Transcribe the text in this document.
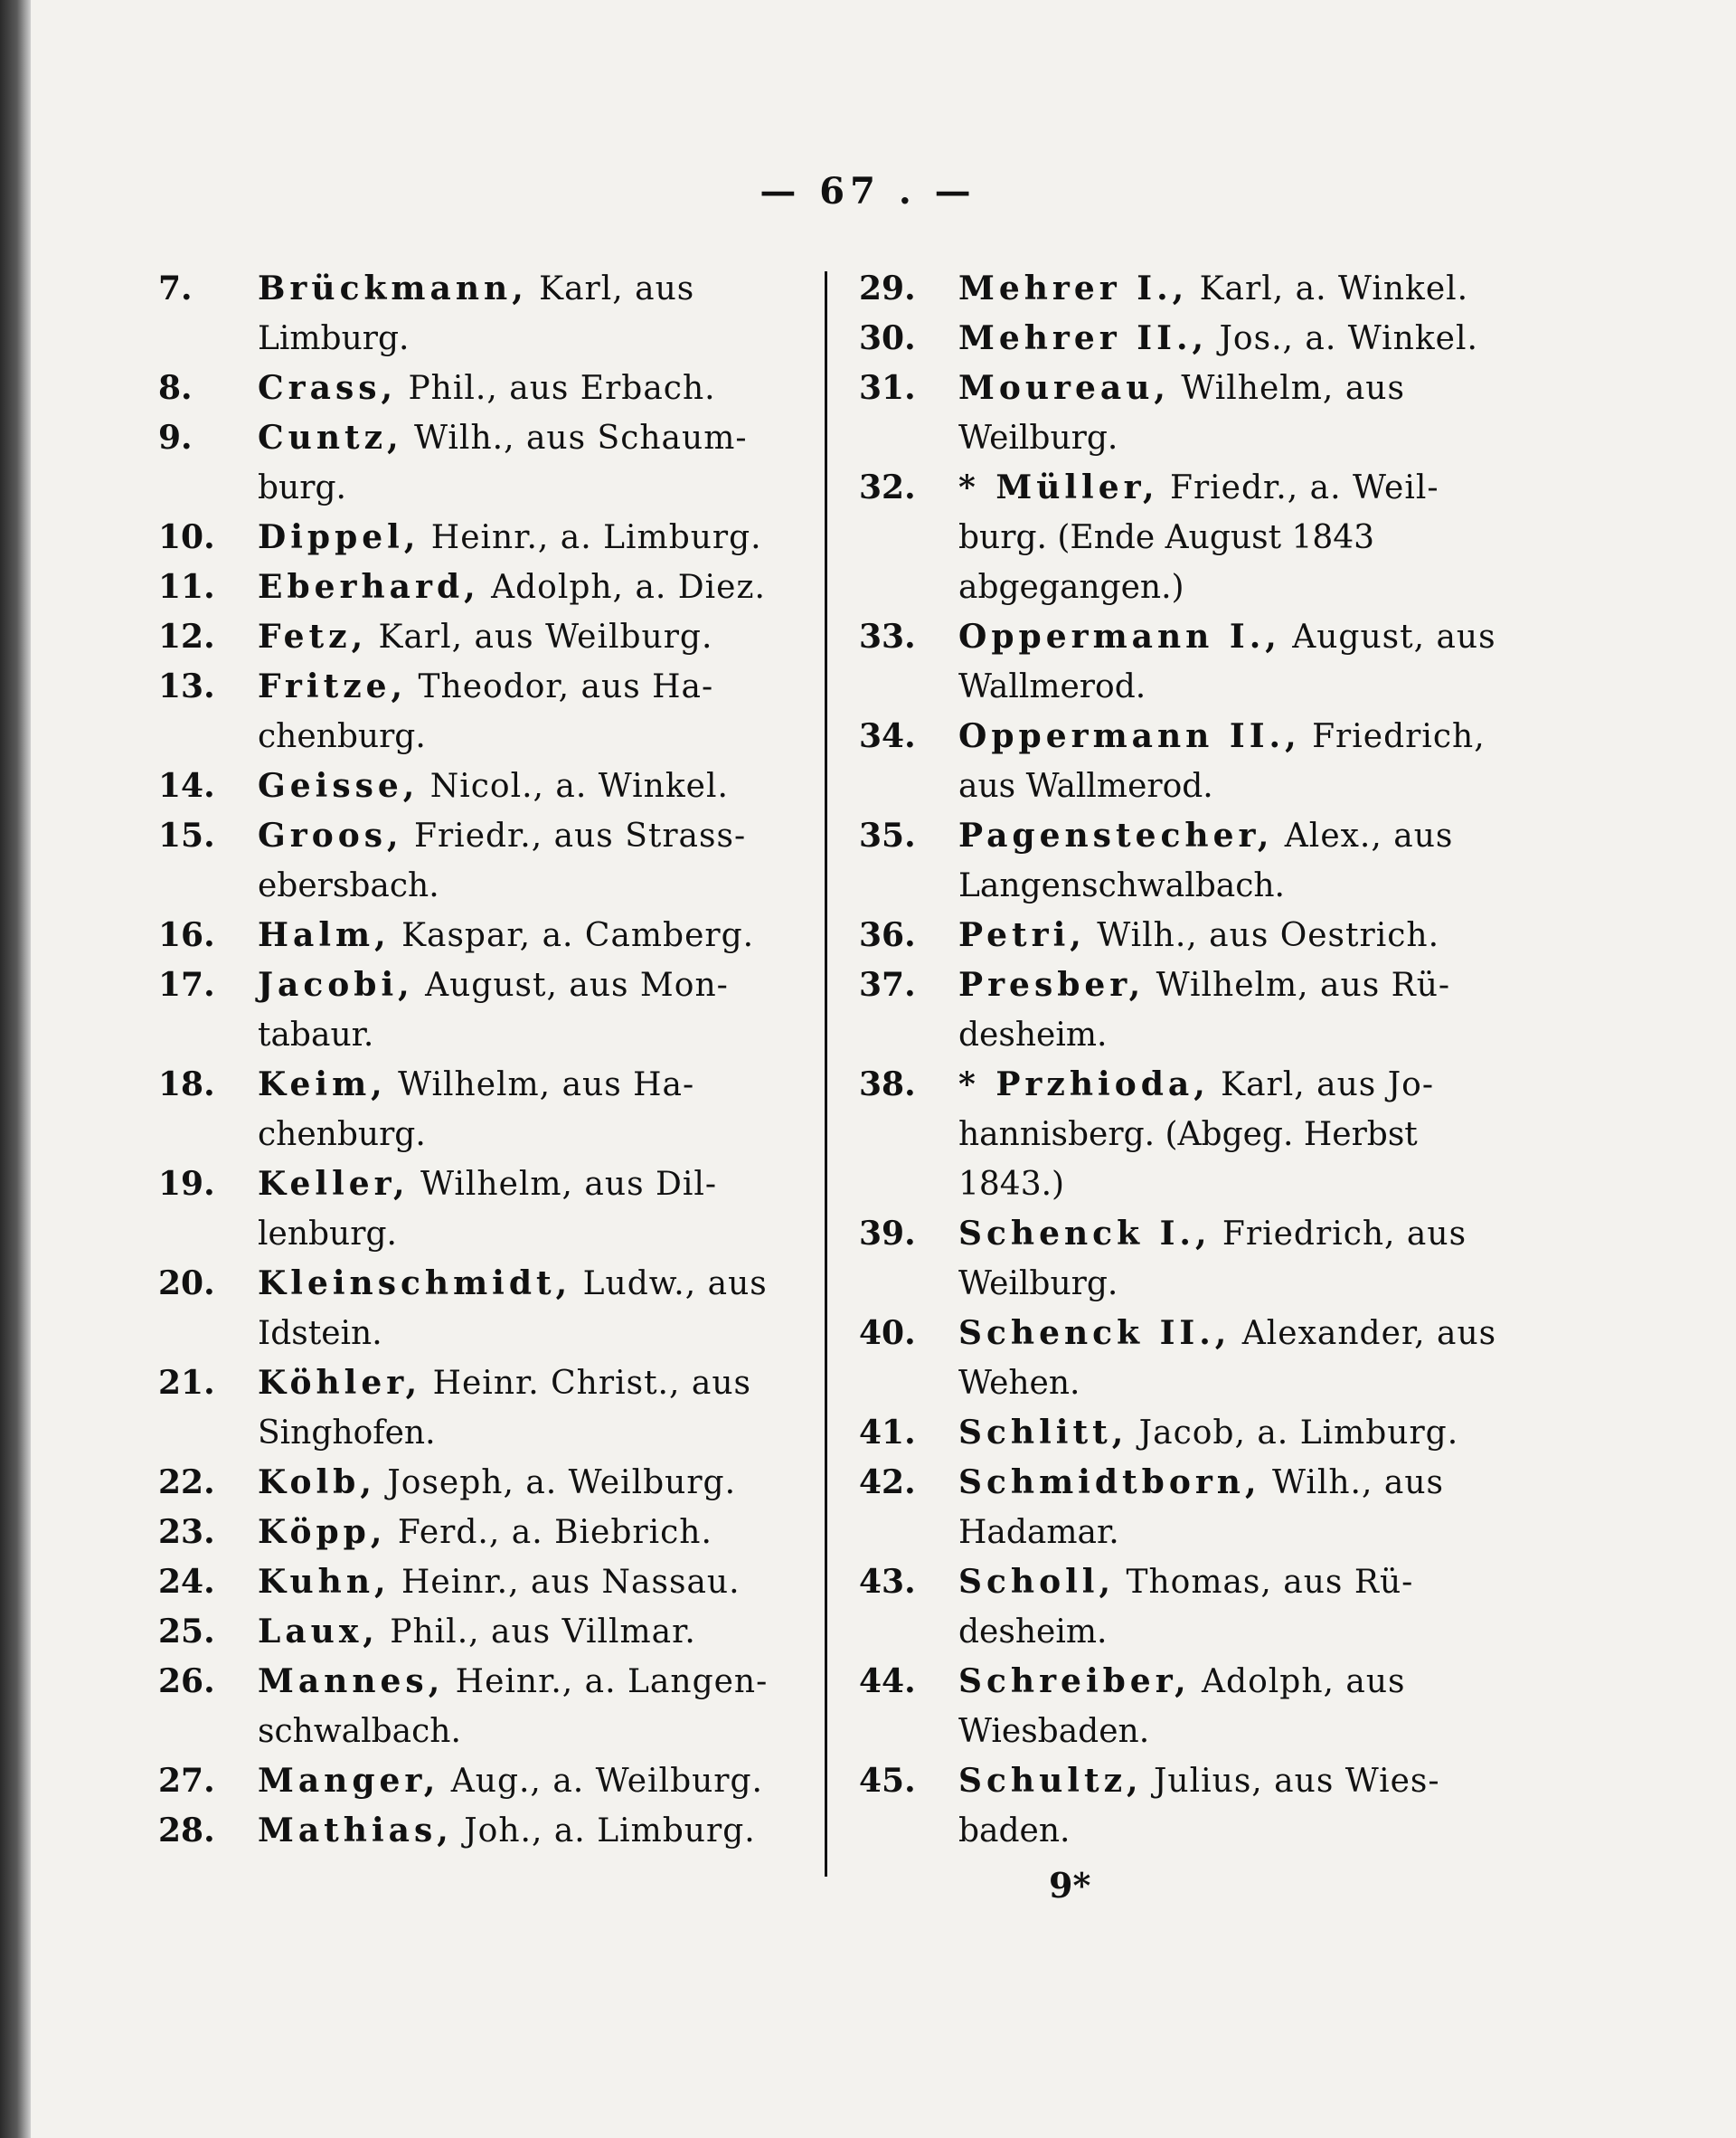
— 67 . —
7.	Brückmann, Karl, aus
Limburg.
8.	Crass, Phil., aus Erbach.
9.	Cuntz, Wilh., aus Schaum-
burg.
10.	Dippel, Heinr., a. Limburg.
11.	Eberhard, Adolph, a. Diez.
12.	Fetz, Karl, aus Weilburg.
13.	Fritze, Theodor, aus Ha-
chenburg.
14.	Geisse, Nicol., a. Winkel.
15.	Groos, Friedr., aus Strass-
ebersbach.
16.	Halm, Kaspar, a. Camberg.
17.	Jacobi, August, aus Mon-
tabaur.
18.	Keim, Wilhelm, aus Ha-
chenburg.
19.	Keller, Wilhelm, aus Dil-
lenburg.
20.	Kleinschmidt, Ludw., aus
Idstein.
21.	Köhler, Heinr. Christ., aus
Singhofen.
22.	Kolb, Joseph, a. Weilburg.
23.	Köpp, Ferd., a. Biebrich.
24.	Kuhn, Heinr., aus Nassau.
25.	Laux, Phil., aus Villmar.
26.	Mannes, Heinr., a. Langen-
schwalbach.
27.	Manger, Aug., a. Weilburg.
28.	Mathias, Joh., a. Limburg.
29.	Mehrer I., Karl, a. Winkel.
30.	Mehrer II., Jos., a. Winkel.
31.	Moureau, Wilhelm, aus
Weilburg.
32.	* Müller, Friedr., a. Weil-
burg. (Ende August 1843
abgegangen.)
33.	Oppermann I., August, aus
Wallmerod.
34.	Oppermann II., Friedrich,
aus Wallmerod.
35.	Pagenstecher, Alex., aus
Langenschwalbach.
36.	Petri, Wilh., aus Oestrich.
37.	Presber, Wilhelm, aus Rü-
desheim.
38.	* Przhioda, Karl, aus Jo-
hannisberg. (Abgeg. Herbst
1843.)
39.	Schenck I., Friedrich, aus
Weilburg.
40.	Schenck II., Alexander, aus
Wehen.
41.	Schlitt, Jacob, a. Limburg.
42.	Schmidtborn, Wilh., aus
Hadamar.
43.	Scholl, Thomas, aus Rü-
desheim.
44.	Schreiber, Adolph, aus
Wiesbaden.
45.	Schultz, Julius, aus Wies-
baden.
9*
